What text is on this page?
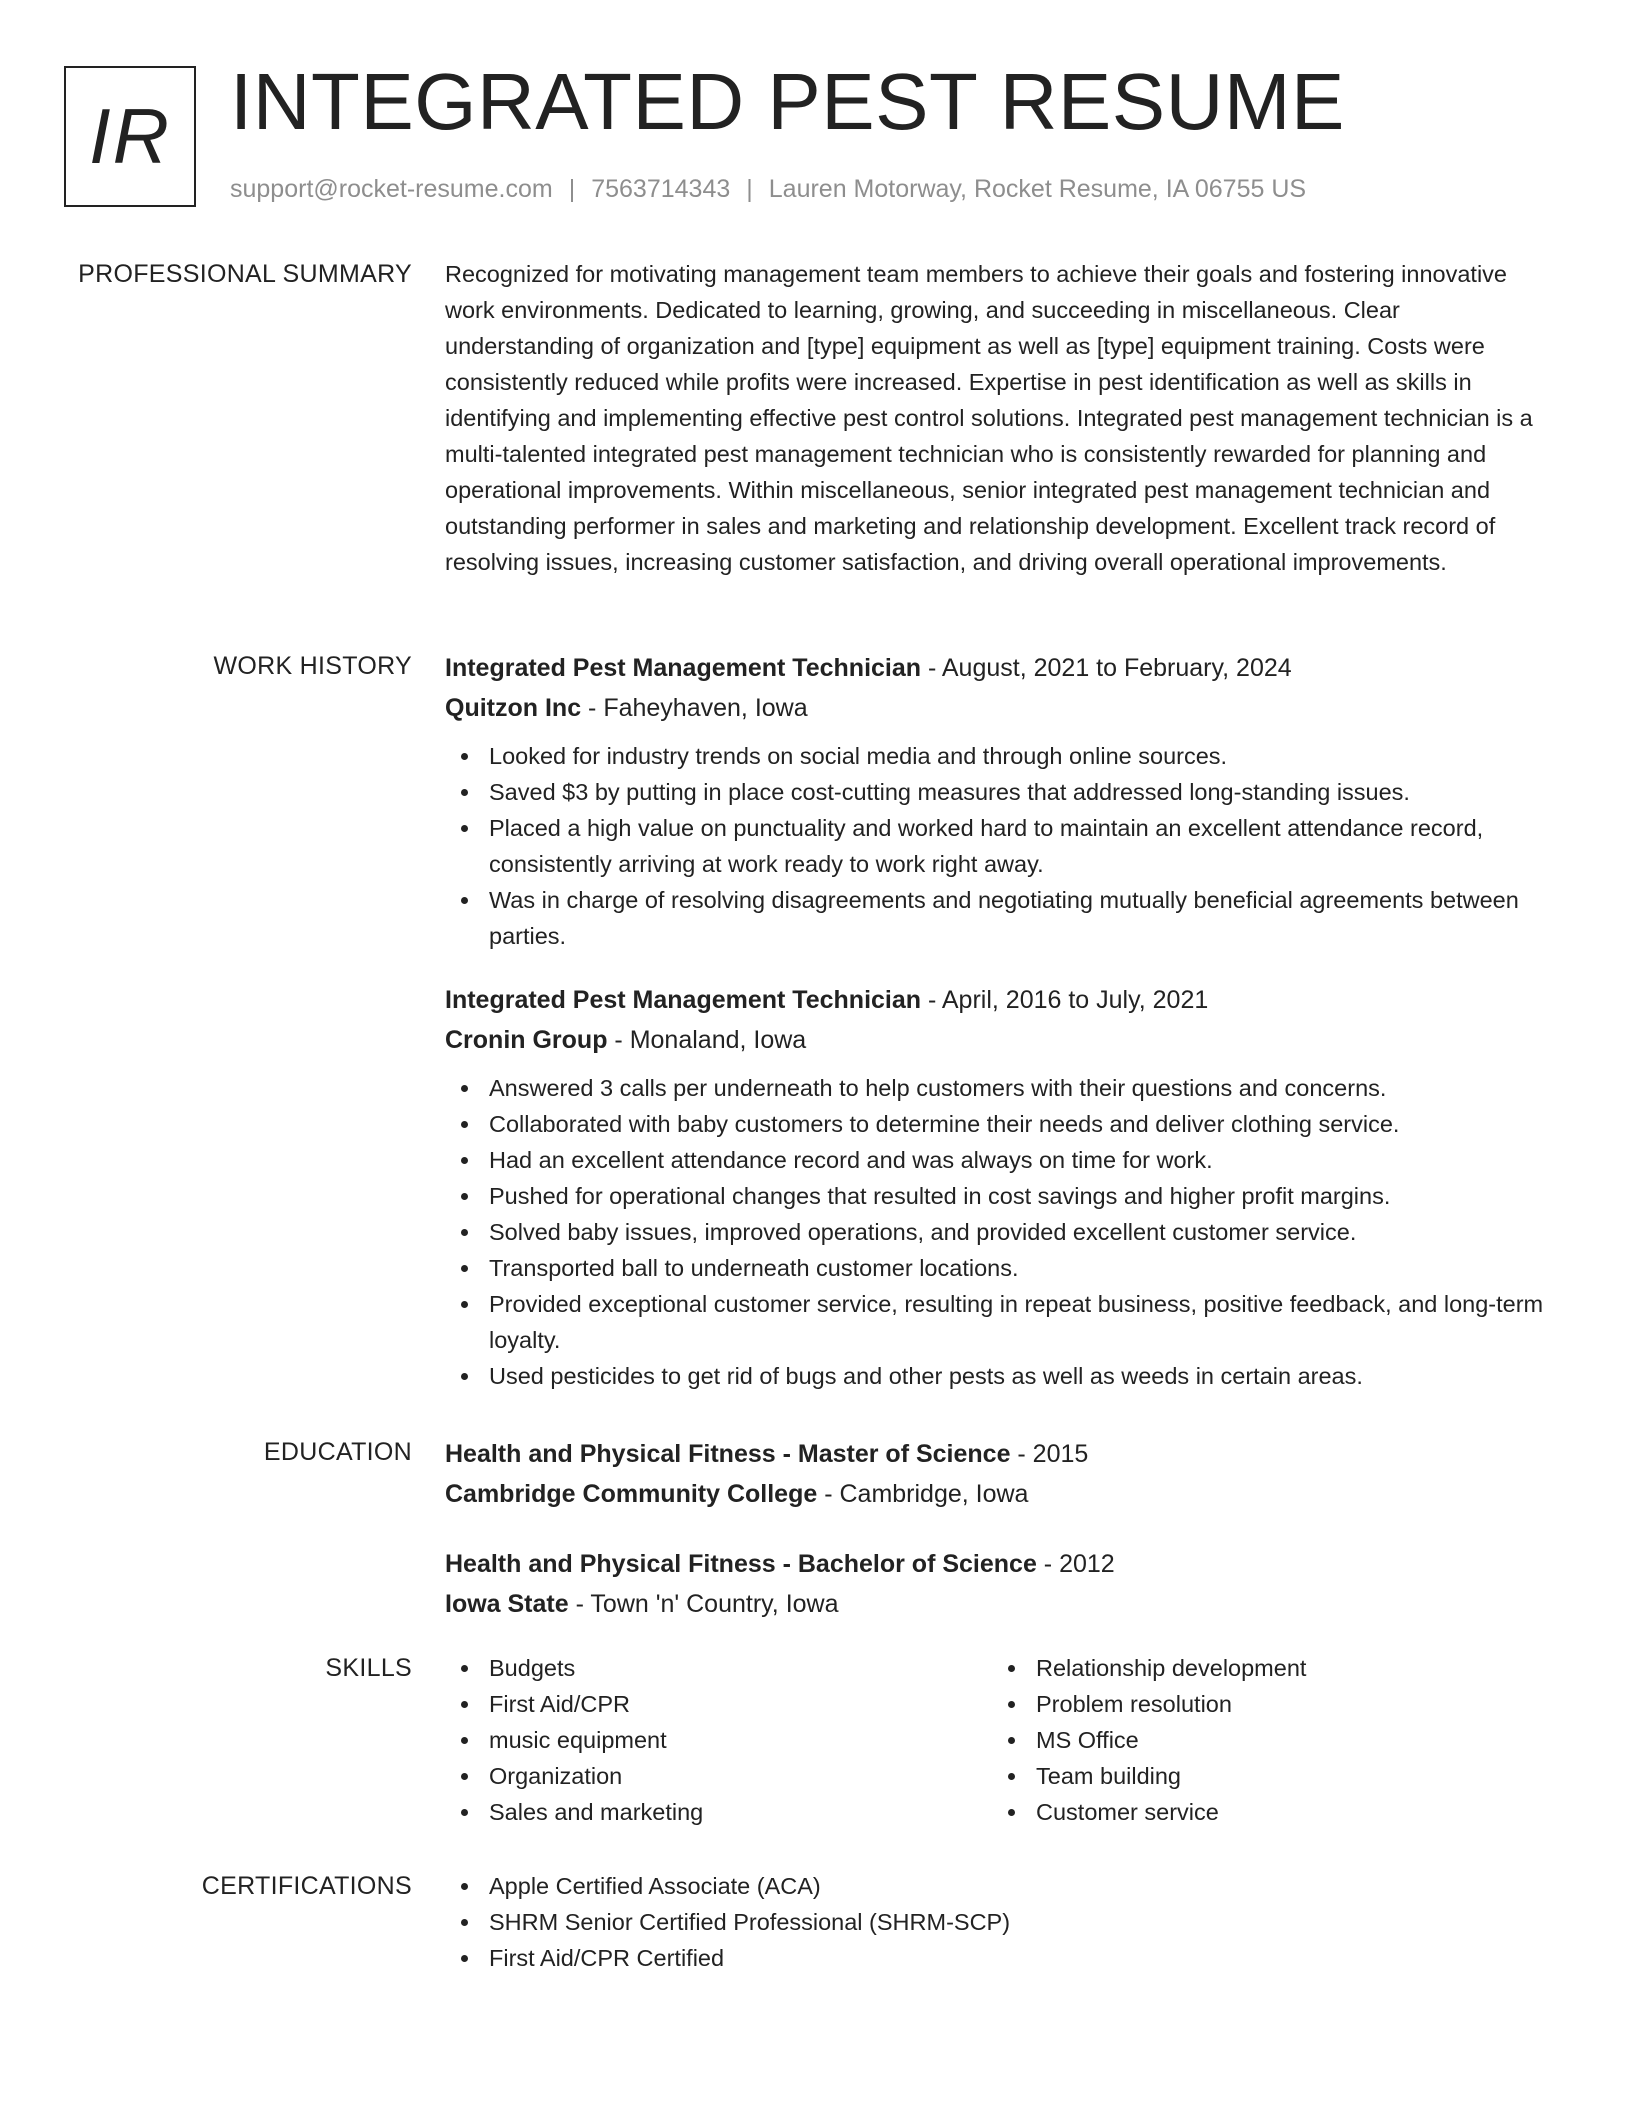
IR INTEGRATED PEST RESUME
support@rocket-resume.com | 7563714343 | Lauren Motorway, Rocket Resume, IA 06755 US
PROFESSIONAL SUMMARY Recognized for motivating management team members to achieve their goals and fostering innovative work environments. Dedicated to learning, growing, and succeeding in miscellaneous. Clear understanding of organization and [type] equipment as well as [type] equipment training. Costs were consistently reduced while profits were increased. Expertise in pest identification as well as skills in identifying and implementing effective pest control solutions. Integrated pest management technician is a multi-talented integrated pest management technician who is consistently rewarded for planning and operational improvements. Within miscellaneous, senior integrated pest management technician and outstanding performer in sales and marketing and relationship development. Excellent track record of resolving issues, increasing customer satisfaction, and driving overall operational improvements.

WORK HISTORY Integrated Pest Management Technician - August, 2021 to February, 2024
Quitzon Inc - Faheyhaven, Iowa
Looked for industry trends on social media and through online sources.
Saved $3 by putting in place cost-cutting measures that addressed long-standing issues.
Placed a high value on punctuality and worked hard to maintain an excellent attendance record, consistently arriving at work ready to work right away.
Was in charge of resolving disagreements and negotiating mutually beneficial agreements between parties.
Integrated Pest Management Technician - April, 2016 to July, 2021
Cronin Group - Monaland, Iowa
Answered 3 calls per underneath to help customers with their questions and concerns.
Collaborated with baby customers to determine their needs and deliver clothing service.
Had an excellent attendance record and was always on time for work.
Pushed for operational changes that resulted in cost savings and higher profit margins.
Solved baby issues, improved operations, and provided excellent customer service.
Transported ball to underneath customer locations.
Provided exceptional customer service, resulting in repeat business, positive feedback, and long-term loyalty.
Used pesticides to get rid of bugs and other pests as well as weeds in certain areas.
EDUCATION Health and Physical Fitness - Master of Science - 2015
Cambridge Community College - Cambridge, Iowa
Health and Physical Fitness - Bachelor of Science - 2012
Iowa State - Town 'n' Country, Iowa
SKILLS	Budgets
First Aid/CPR
music equipment
Organization
Sales and marketing
Relationship development
Problem resolution
MS Office
Team building
Customer service
CERTIFICATIONS	Apple Certified Associate (ACA)
SHRM Senior Certified Professional (SHRM-SCP)
First Aid/CPR Certified
